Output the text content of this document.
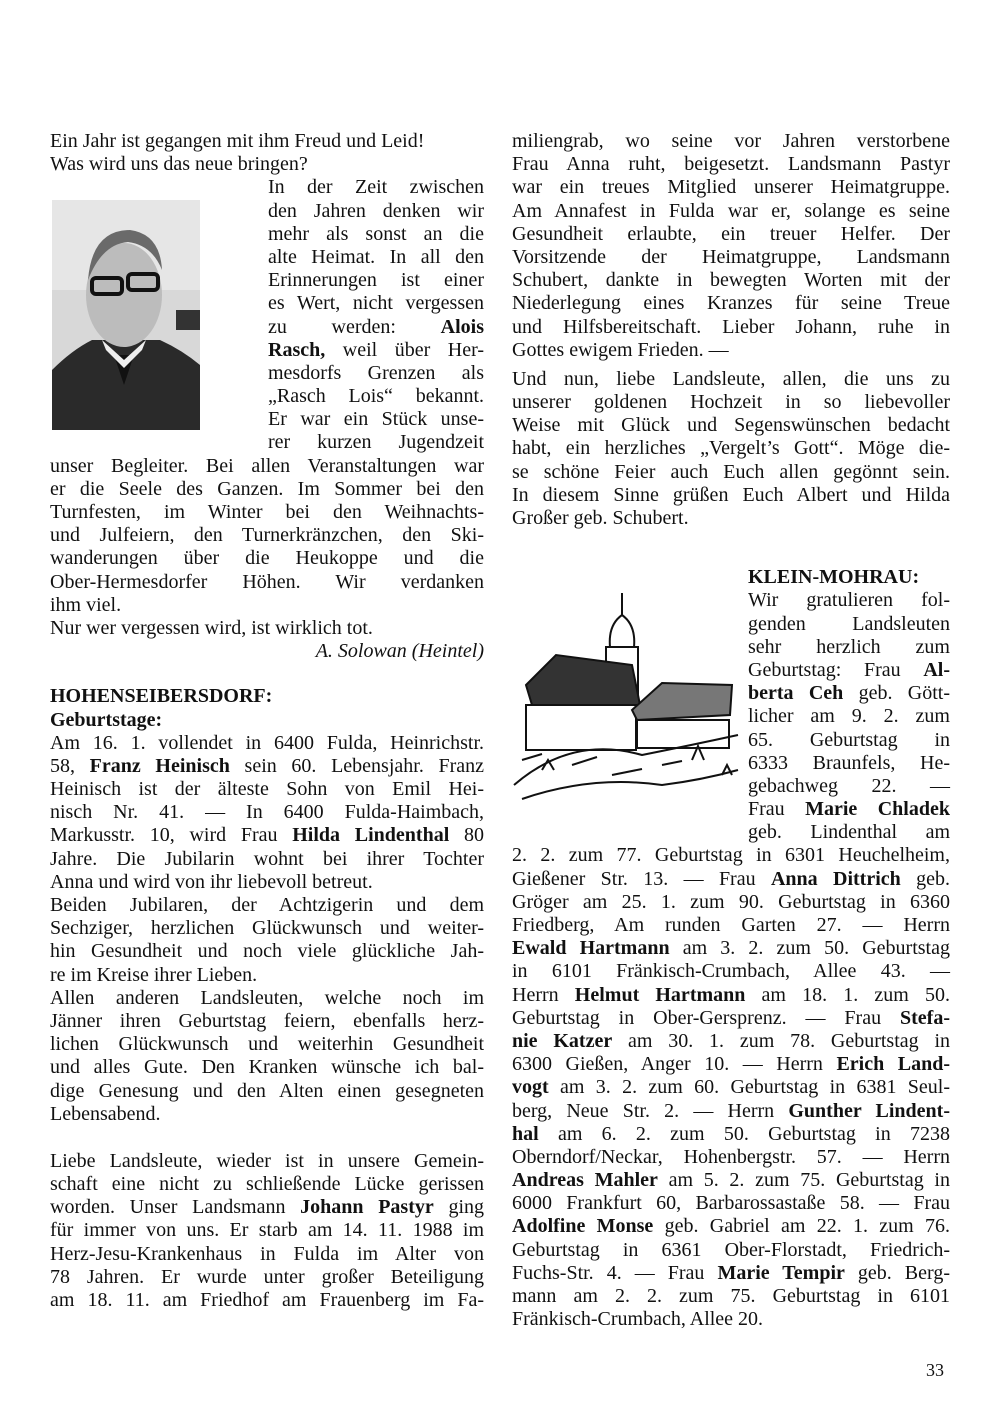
Ein Jahr ist gegangen mit ihm Freud und Leid!
Was wird uns das neue bringen?
In der Zeit zwischen
den Jahren denken wir
mehr als sonst an die
alte Heimat. In all den
Erinnerungen ist einer
es Wert, nicht vergessen
zu werden: Alois
Rasch, weil über Her-
mesdorfs Grenzen als
„Rasch Lois“ bekannt.
Er war ein Stück unse-
rer kurzen Jugendzeit
unser Begleiter. Bei allen Veranstaltungen war
er die Seele des Ganzen. Im Sommer bei den
Turnfesten, im Winter bei den Weihnachts-
und Julfeiern, den Turnerkränzchen, den Ski-
wanderungen über die Heukoppe und die
Ober-Hermesdorfer Höhen. Wir verdanken
ihm viel.
Nur wer vergessen wird, ist wirklich tot.
A. Solowan (Heintel)
HOHENSEIBERSDORF:
Geburtstage:
Am 16. 1. vollendet in 6400 Fulda, Heinrichstr.
58, Franz Heinisch sein 60. Lebensjahr. Franz
Heinisch ist der älteste Sohn von Emil Hei-
nisch Nr. 41. — In 6400 Fulda-Haimbach,
Markusstr. 10, wird Frau Hilda Lindenthal 80
Jahre. Die Jubilarin wohnt bei ihrer Tochter
Anna und wird von ihr liebevoll betreut.
Beiden Jubilaren, der Achtzigerin und dem
Sechziger, herzlichen Glückwunsch und weiter-
hin Gesundheit und noch viele glückliche Jah-
re im Kreise ihrer Lieben.
Allen anderen Landsleuten, welche noch im
Jänner ihren Geburtstag feiern, ebenfalls herz-
lichen Glückwunsch und weiterhin Gesundheit
und alles Gute. Den Kranken wünsche ich bal-
dige Genesung und den Alten einen gesegneten
Lebensabend.
Liebe Landsleute, wieder ist in unsere Gemein-
schaft eine nicht zu schließende Lücke gerissen
worden. Unser Landsmann Johann Pastyr ging
für immer von uns. Er starb am 14. 11. 1988 im
Herz-Jesu-Krankenhaus in Fulda im Alter von
78 Jahren. Er wurde unter großer Beteiligung
am 18. 11. am Friedhof am Frauenberg im Fa-
miliengrab, wo seine vor Jahren verstorbene
Frau Anna ruht, beigesetzt. Landsmann Pastyr
war ein treues Mitglied unserer Heimatgruppe.
Am Annafest in Fulda war er, solange es seine
Gesundheit erlaubte, ein treuer Helfer. Der
Vorsitzende der Heimatgruppe, Landsmann
Schubert, dankte in bewegten Worten mit der
Niederlegung eines Kranzes für seine Treue
und Hilfsbereitschaft. Lieber Johann, ruhe in
Gottes ewigem Frieden. —
Und nun, liebe Landsleute, allen, die uns zu
unserer goldenen Hochzeit in so liebevoller
Weise mit Glück und Segenswünschen bedacht
habt, ein herzliches „Vergelt’s Gott“. Möge die-
se schöne Feier auch Euch allen gegönnt sein.
In diesem Sinne grüßen Euch Albert und Hilda
Großer geb. Schubert.
KLEIN-MOHRAU:
Wir gratulieren fol-
genden Landsleuten
sehr herzlich zum
Geburtstag: Frau Al-
berta Ceh geb. Gött-
licher am 9. 2. zum
65. Geburtstag in
6333 Braunfels, He-
gebachweg 22. —
Frau Marie Chladek
geb. Lindenthal am
2. 2. zum 77. Geburtstag in 6301 Heuchelheim,
Gießener Str. 13. — Frau Anna Dittrich geb.
Gröger am 25. 1. zum 90. Geburtstag in 6360
Friedberg, Am runden Garten 27. — Herrn
Ewald Hartmann am 3. 2. zum 50. Geburtstag
in 6101 Fränkisch-Crumbach, Allee 43. —
Herrn Helmut Hartmann am 18. 1. zum 50.
Geburtstag in Ober-Gersprenz. — Frau Stefa-
nie Katzer am 30. 1. zum 78. Geburtstag in
6300 Gießen, Anger 10. — Herrn Erich Land-
vogt am 3. 2. zum 60. Geburtstag in 6381 Seul-
berg, Neue Str. 2. — Herrn Gunther Lindent-
hal am 6. 2. zum 50. Geburtstag in 7238
Oberndorf/Neckar, Hohenbergstr. 57. — Herrn
Andreas Mahler am 5. 2. zum 75. Geburtstag in
6000 Frankfurt 60, Barbarossastaße 58. — Frau
Adolfine Monse geb. Gabriel am 22. 1. zum 76.
Geburtstag in 6361 Ober-Florstadt, Friedrich-
Fuchs-Str. 4. — Frau Marie Tempir geb. Berg-
mann am 2. 2. zum 75. Geburtstag in 6101
Fränkisch-Crumbach, Allee 20.
33
